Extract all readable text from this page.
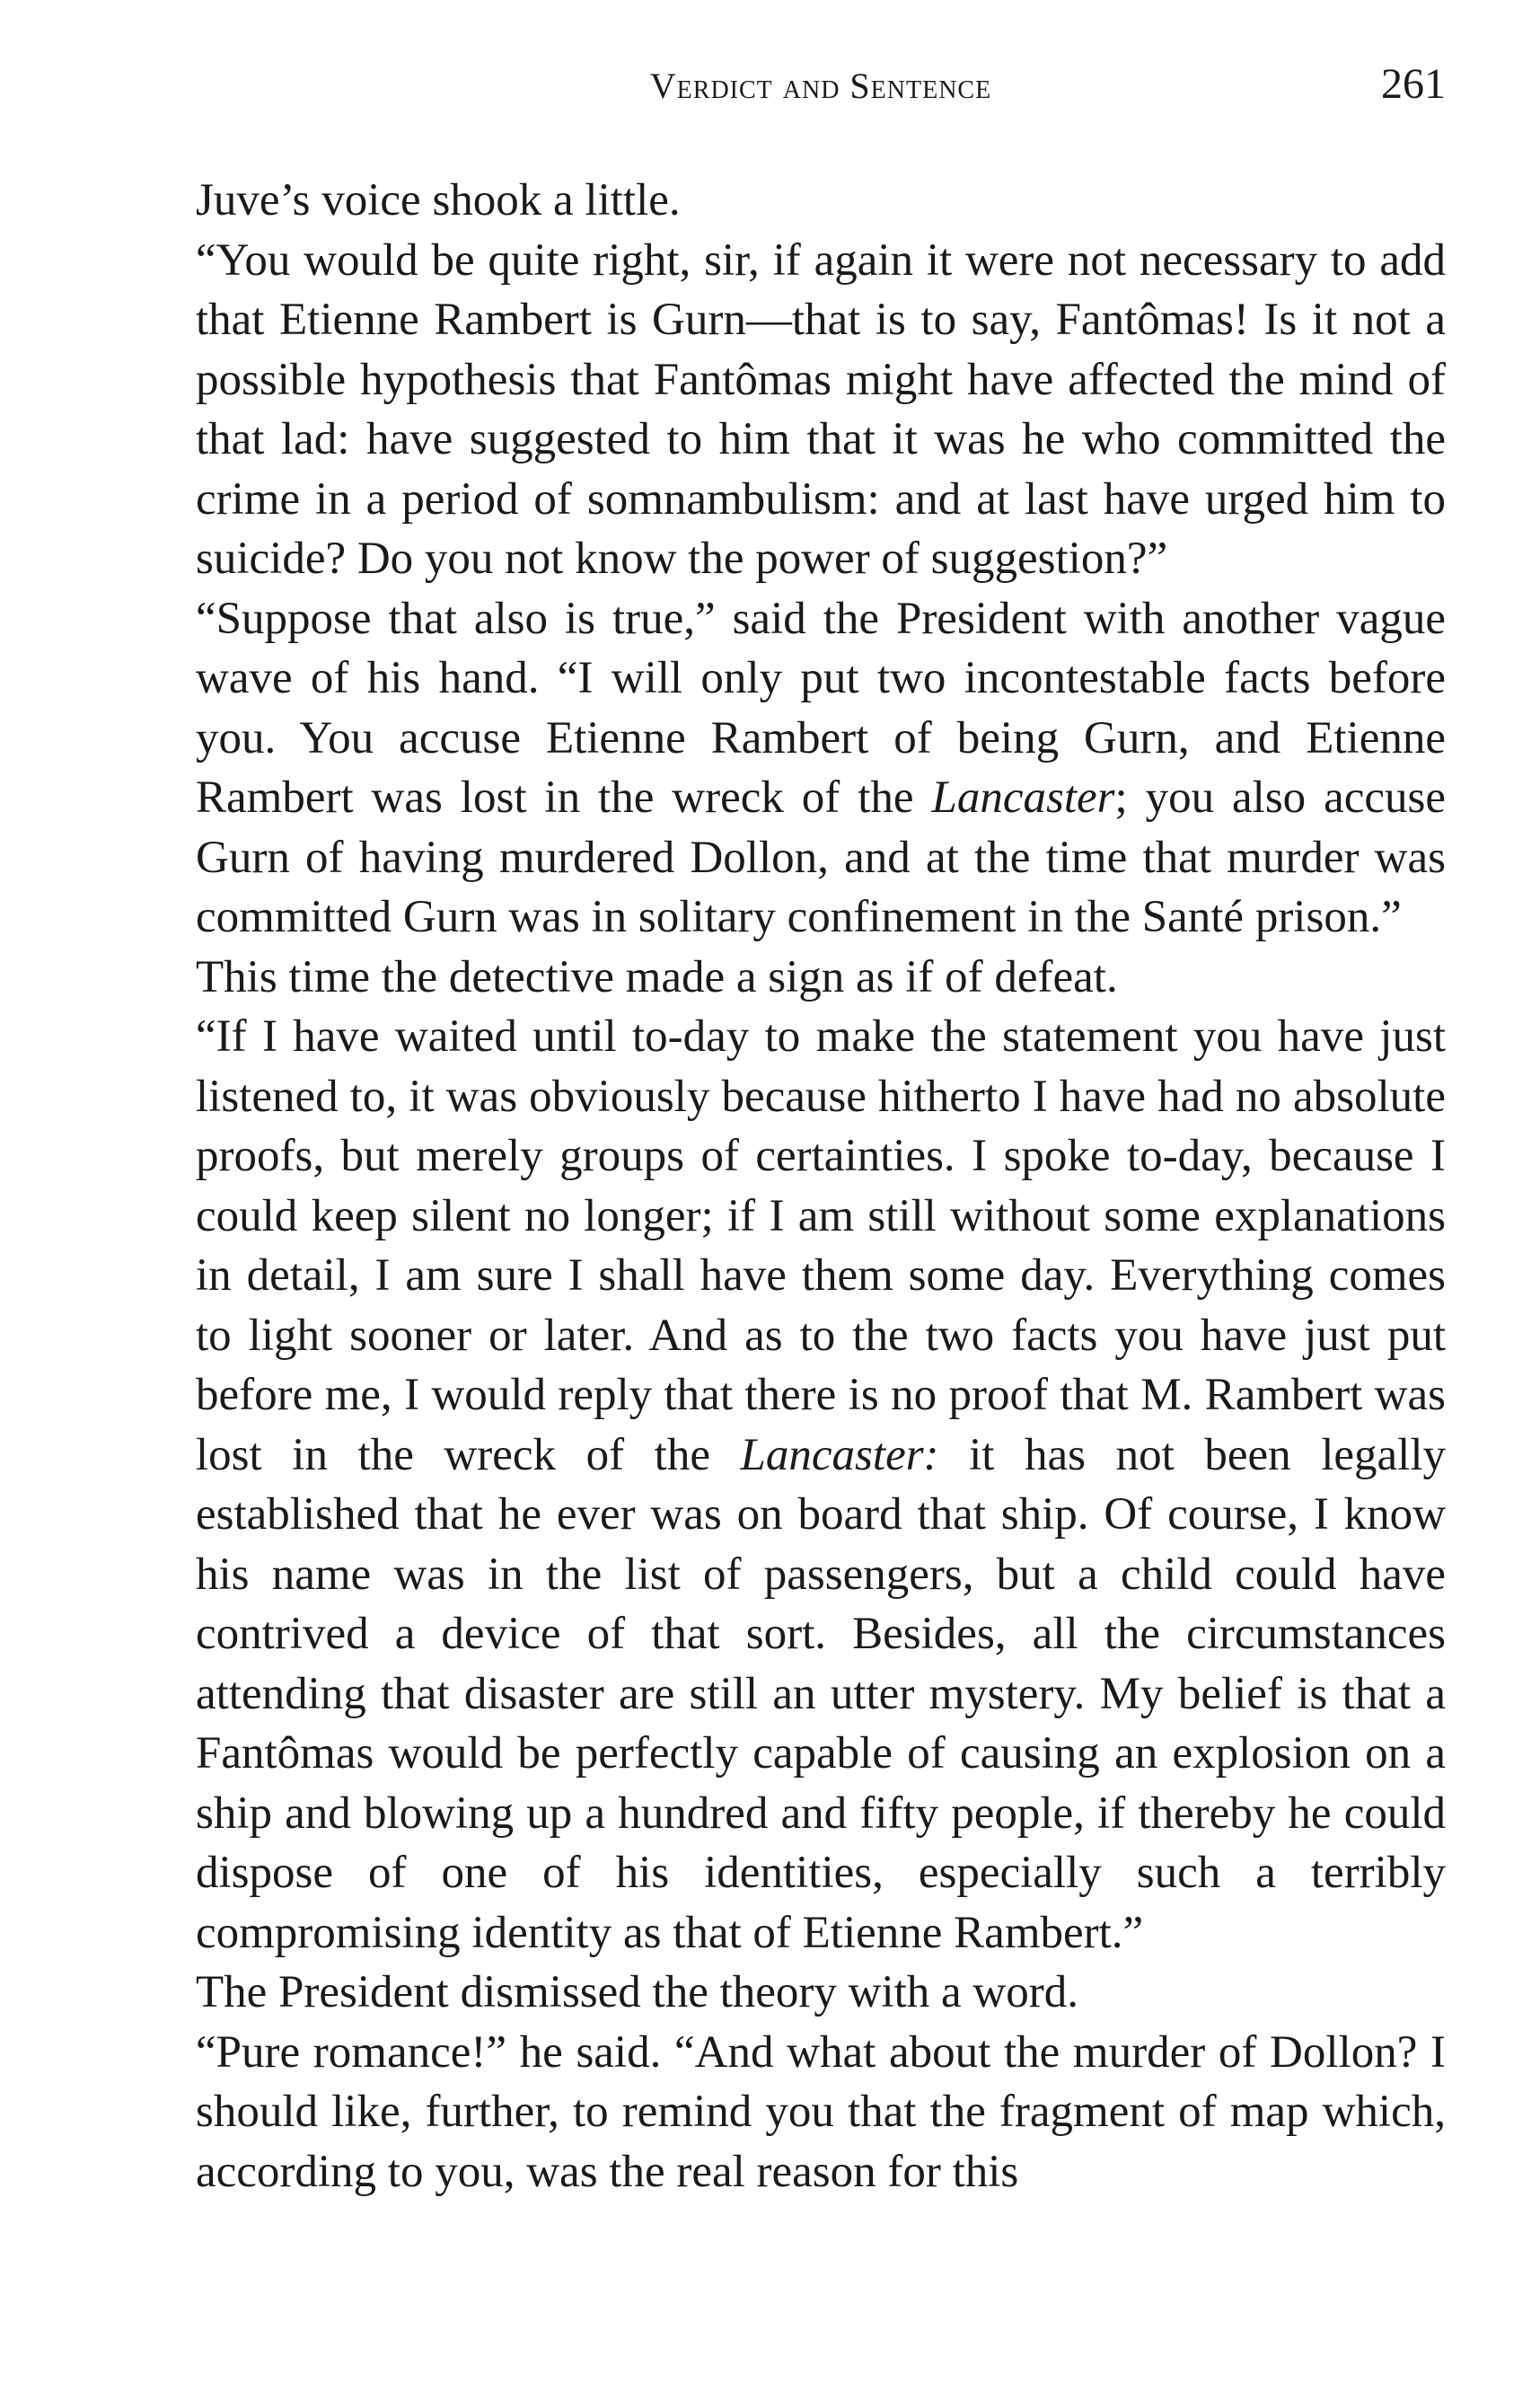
Verdict and Sentence	261

Juve’s voice shook a little.

“You would be quite right, sir, if again it were not necessary to add that Etienne Rambert is Gurn—that is to say, Fantômas! Is it not a possible hypothesis that Fantômas might have affected the mind of that lad: have suggested to him that it was he who committed the crime in a period of somnambulism: and at last have urged him to suicide? Do you not know the power of suggestion?”

“Suppose that also is true,” said the President with another vague wave of his hand. “I will only put two incontestable facts before you. You accuse Etienne Rambert of being Gurn, and Etienne Rambert was lost in the wreck of the Lancaster; you also accuse Gurn of having murdered Dollon, and at the time that murder was committed Gurn was in solitary confinement in the Santé prison.”

This time the detective made a sign as if of defeat.

“If I have waited until to-day to make the statement you have just listened to, it was obviously because hitherto I have had no absolute proofs, but merely groups of certainties. I spoke to-day, because I could keep silent no longer; if I am still without some explanations in detail, I am sure I shall have them some day. Everything comes to light sooner or later. And as to the two facts you have just put before me, I would reply that there is no proof that M. Rambert was lost in the wreck of the Lancaster: it has not been legally established that he ever was on board that ship. Of course, I know his name was in the list of passengers, but a child could have contrived a device of that sort. Besides, all the circumstances attending that disaster are still an utter mystery. My belief is that a Fantômas would be perfectly capable of causing an explosion on a ship and blowing up a hundred and fifty people, if thereby he could dispose of one of his identities, especially such a terribly compromising identity as that of Etienne Rambert.”

The President dismissed the theory with a word.

“Pure romance!” he said. “And what about the murder of Dollon? I should like, further, to remind you that the fragment of map which, according to you, was the real reason for this
